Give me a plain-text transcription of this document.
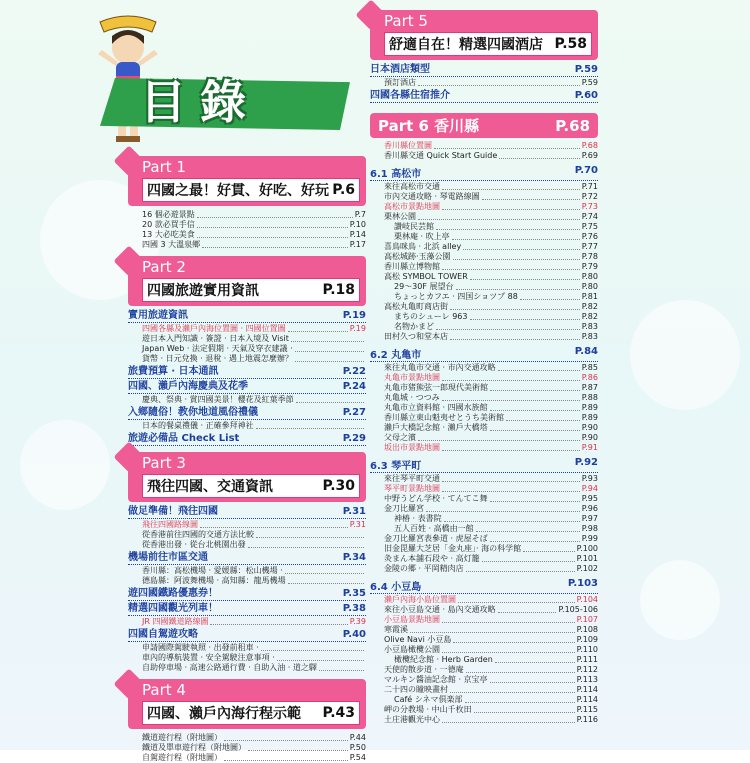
目錄
Part 1
四國之最！好貫、好吃、好玩 P.6
16 個必遊景點	P.7
20 款必買手信	P.10
13 大必吃美食	P.14
四國 3 大溫泉鄉	P.17
Part 2
四國旅遊實用資訊	P.18
實用旅遊資訊	P.19
四國各縣及瀨戶內海位置圖 ‧ 四國位置圖	P.19
遊日本入門知識 ‧ 簽證 ‧ 日本入境及 Visit
Japan Web ‧ 法定假期 ‧ 天氣及穿衣建議 ‧
貨幣 ‧ 日元兌換 ‧ 退稅 ‧ 遇上地震怎麼辦？
旅費預算 ‧ 日本通訊	P.22
四國、瀨戶內海慶典及花季	P.24
慶典、祭典 ‧ 賞四國美景！櫻花及紅葉季節
入鄉隨俗！教你地道風俗禮儀	P.27
日本的餐桌禮儀 ‧ 正確參拜神社
旅遊必備品 Check List	P.29
Part 3
飛往四國、交通資訊	P.30
做足準備！飛往四國	P.31
飛往四國路線圖	P.31
從香港前往四國的交通方法比較
從香港出發 ‧ 從台北桃園出發
機場前往市區交通	P.34
香川縣：高松機場 ‧ 愛媛縣：松山機場 ‧
德島縣：阿波舞機場 ‧ 高知縣：龍馬機場
遊四國鐵路優惠券！	P.35
精選四國觀光列車！	P.38
JR 四國鐵道路線圖	P.39
四國自駕遊攻略	P.40
申請國際駕駛執照 ‧ 出發前租車 ‧
車內的導航裝置 ‧ 安全駕駛注意事項 ‧
自助停車場 ‧ 高速公路通行費 ‧ 自助入油 ‧ 道之驛
Part 4
四國、瀨戶內海行程示範 P.43
鐵道遊行程（附地圖）	P.44
鐵道及單車遊行程（附地圖）	P.50
自駕遊行程（附地圖）	P.54
Part 5
舒適自在！精選四國酒店 P.58
日本酒店類型	P.59
預訂酒店	P.59
四國各縣住宿推介	P.60
Part 6 香川縣	P.68
香川縣位置圖	P.68
香川縣交通 Quick Start Guide	P.69
6.1 高松市	P.70
來往高松市交通	P.71
市內交通攻略 ‧ 琴電路線圖	P.72
高松市景點地圖	P.73
栗林公園	P.74
讚岐民芸館	P.75
栗林庵 ‧ 吹上亭	P.76
喜鳥咪鳥 ‧ 北浜 alley	P.77
高松城跡‧玉藻公園	P.78
香川縣立博物館	P.79
高松 SYMBOL TOWER	P.80
29～30F 展望台	P.80
ちょっとカフエ ‧ 四国ショツプ 88	P.81
高松丸亀町商店街	P.82
まちのシューレ 963	P.82
名物かまど	P.83
田村久つ和堂本店	P.83
6.2 丸亀市	P.84
來往丸亀市交通 ‧ 市內交通攻略	P.85
丸亀市景點地圖	P.86
丸亀市猪熊弦一郎現代美術館	P.87
丸亀城 ‧ つつみ	P.88
丸亀市立資料館 ‧ 四國水族館	P.89
香川縣立東山魁夷せとうち美術館	P.89
瀨戶大橋記念館 ‧ 瀨戶大橋塔	P.90
父母之濱	P.90
坂出市景點地圖	P.91
6.3 琴平町	P.92
來往琴平町交通	P.93
琴平町景點地圖	P.94
中野うどん学校 ‧ てんてこ舞	P.95
金刀比羅宮	P.96
神椿 ‧ 表書院	P.97
五人百姓 ‧ 高橋由一館	P.98
金刀比羅宮表參道 ‧ 虎屋そば	P.99
旧金毘羅大芝居「金丸座」‧ 海の科学館	P.100
灸まん本舗石段や ‧ 高灯籠	P.101
金陵の郷 ‧ 平岡精肉店	P.102
6.4 小豆島	P.103
瀨戶內海小島位置圖	P.104
來往小豆島交通 ‧ 島內交通攻略	P.105-106
小豆島景點地圖	P.107
寒霞溪	P.108
Olive Navi 小豆島	P.109
小豆島橄欖公園	P.110
橄欖紀念館 ‧ Herb Garden	P.111
天使的散步道 ‧ 一德庵	P.112
マルキン醬油記念館 ‧ 京宝亭	P.113
二十四の瞳映畫村	P.114
Café シネマ倶楽部	P.114
岬の分教場 ‧ 中山千枚田	P.115
土庄港觀光中心	P.116
